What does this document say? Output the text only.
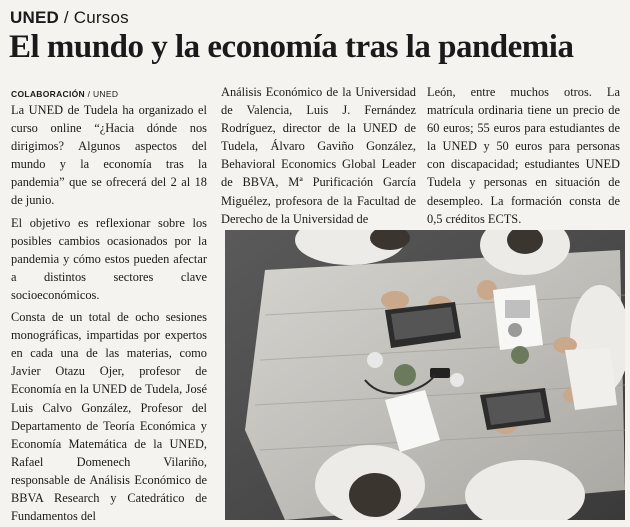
UNED / Cursos
El mundo y la economía tras la pandemia
COLABORACIÓN / UNED

La UNED de Tudela ha organizado el curso online “¿Hacia dónde nos dirigimos? Algunos aspectos del mundo y la economía tras la pandemia” que se ofrecerá del 2 al 18 de junio.

El objetivo es reflexionar sobre los posibles cambios ocasionados por la pandemia y cómo estos pueden afectar a distintos sectores clave socioeconómicos.

Consta de un total de ocho sesiones monográficas, impartidas por expertos en cada una de las materias, como Javier Otazu Ojer, profesor de Economía en la UNED de Tudela, José Luis Calvo González, Profesor del Departamento de Teoría Económica y Economía Matemática de la UNED, Rafael Domenech Vilariño, responsable de Análisis Económico de BBVA Research y Catedrático de Fundamentos del

Análisis Económico de la Universidad de Valencia, Luis J. Fernández Rodríguez, director de la UNED de Tudela, Álvaro Gaviño González, Behavioral Economics Global Leader de BBVA, Mª Purificación García Miguélez, profesora de la Facultad de Derecho de la Universidad de

León, entre muchos otros. La matrícula ordinaria tiene un precio de 60 euros; 55 euros para estudiantes de la UNED y 50 euros para personas con discapacidad; estudiantes UNED Tudela y personas en situación de desempleo. La formación consta de 0,5 créditos ECTS.
